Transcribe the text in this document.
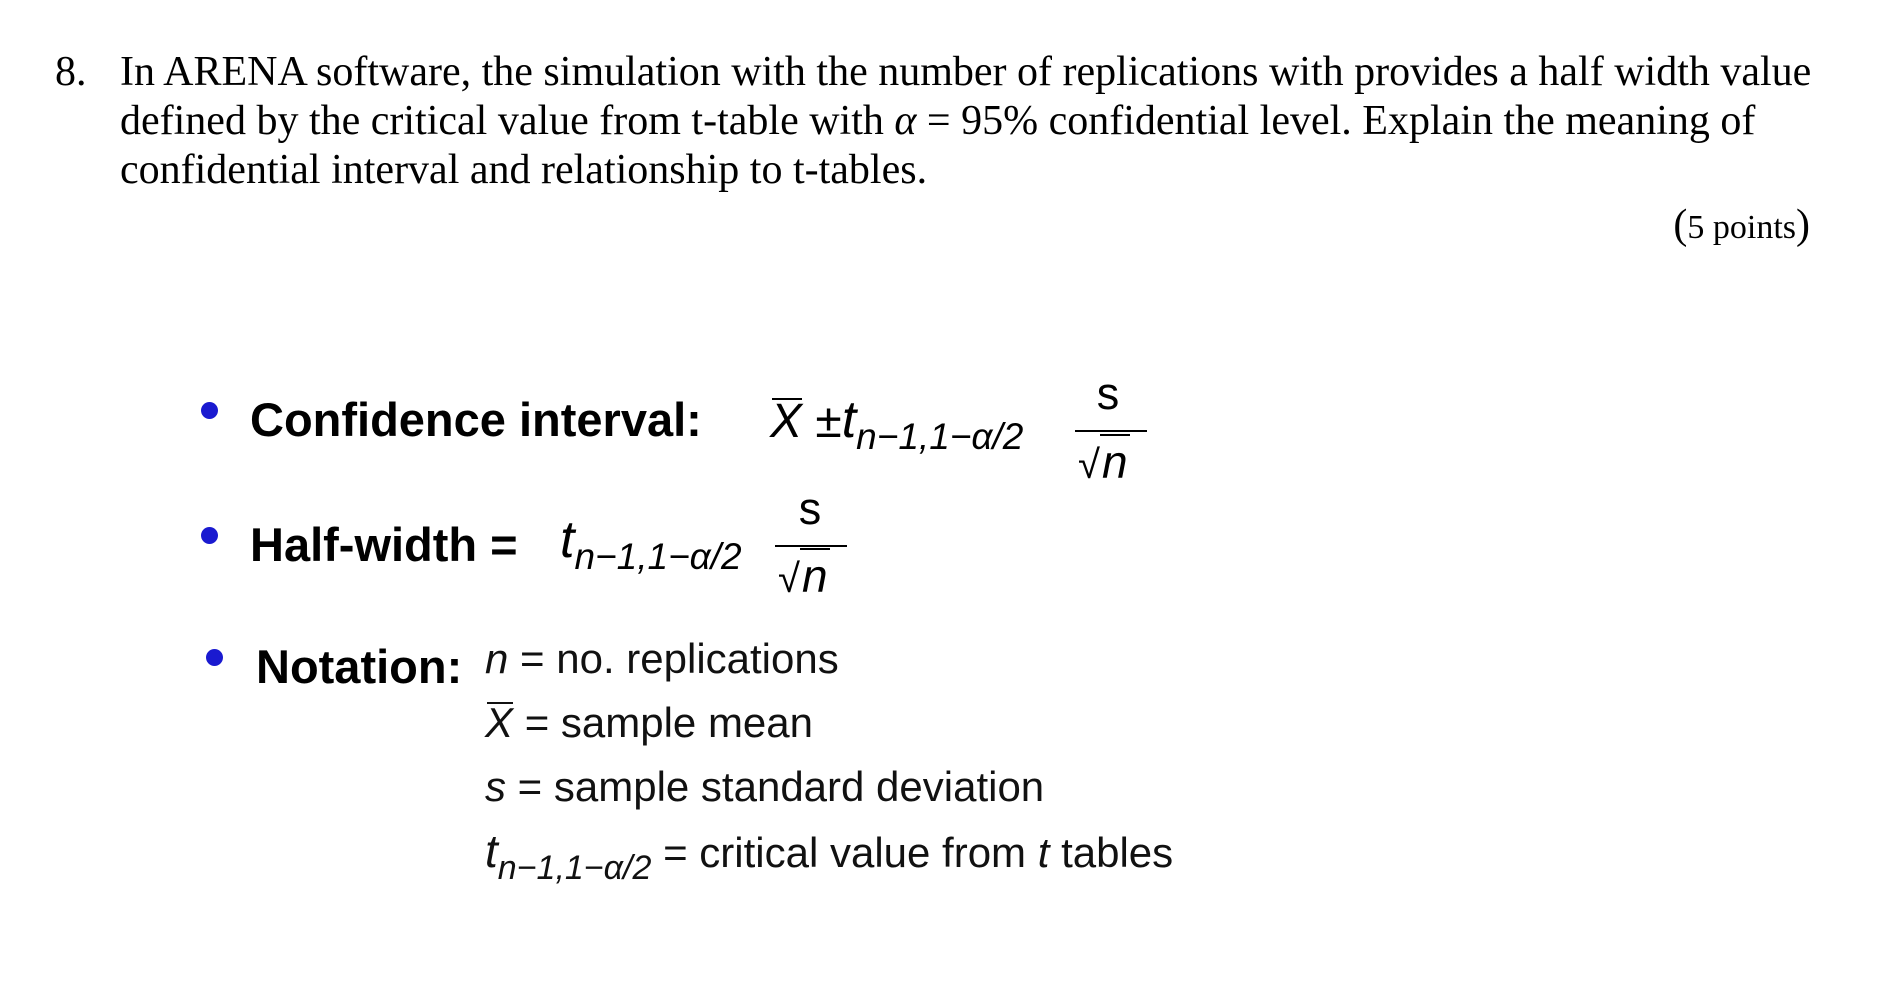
8. In ARENA software, the simulation with the number of replications with provides a half width value
defined by the critical value from t-table with α = 95% confidential level. Explain the meaning of
confidential interval and relationship to t-tables.
(5 points)
Confidence interval: $X \pm t_{n-1,1-\alpha/2}$
s
√n
Half-width = $t_{n-1,1-\alpha/2}$
s
√n
Notation: n = no. replications
X = sample mean
s = sample standard deviation
$t_{n-1,1-\alpha/2}$ = critical value from t tables
